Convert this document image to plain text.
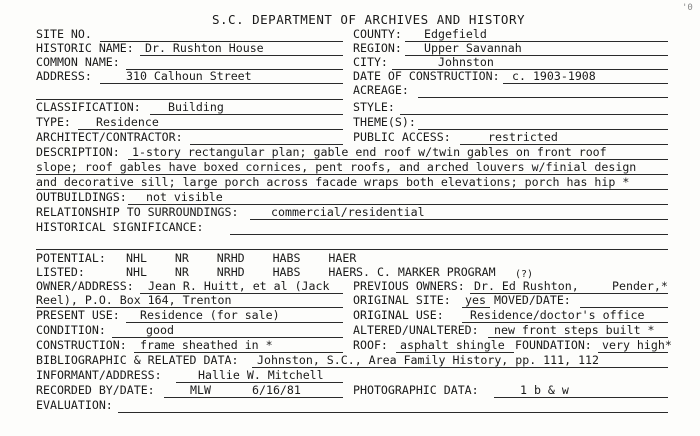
S.C. DEPARTMENT OF ARCHIVES AND HISTORY
'0
SITE NO.	COUNTY: Edgefield
HISTORIC NAME: Dr. Rushton House	REGION: Upper Savannah
COMMON NAME:	CITY:	Johnston
ADDRESS:	310 Calhoun Street	DATE OF CONSTRUCTION: c. 1903-1908
ACREAGE:
CLASSIFICATION: Building	STYLE:
TYPE: Residence	THEME(S):
ARCHITECT/CONTRACTOR:	PUBLIC ACCESS:	restricted
DESCRIPTION: 1-story rectangular plan; gable end roof w/twin gables on front roof
slope; roof gables have boxed cornices, pent roofs, and arched louvers w/finial design
and decorative sill; large porch across facade wraps both elevations; porch has hip *
OUTBUILDINGS: not visible
RELATIONSHIP TO SURROUNDINGS:	commercial/residential
HISTORICAL SIGNIFICANCE:
POTENTIAL: NHL    NR    NRHD    HABS    HAER
LISTED:	NHL    NR    NRHD    HABS    HAER S. C. MARKER PROGRAM (?)
OWNER/ADDRESS: Jean R. Huitt, et al (Jack PREVIOUS OWNERS: Dr. Ed Rushton,	Pender,*
Reel), P.O. Box 164, Trenton	ORIGINAL SITE: yes MOVED/DATE:
PRESENT USE: Residence (for sale)	ORIGINAL USE: Residence/doctor's office
CONDITION:	good	ALTERED/UNALTERED: new front steps built *
CONSTRUCTION: frame sheathed in *	ROOF: asphalt shingle FOUNDATION: very high*
BIBLIOGRAPHIC & RELATED DATA: Johnston, S.C., Area Family History, pp. 111, 112
INFORMANT/ADDRESS:	Hallie W. Mitchell
RECORDED BY/DATE:	MLW	6/16/81	PHOTOGRAPHIC DATA:	1 b & w
EVALUATION:
